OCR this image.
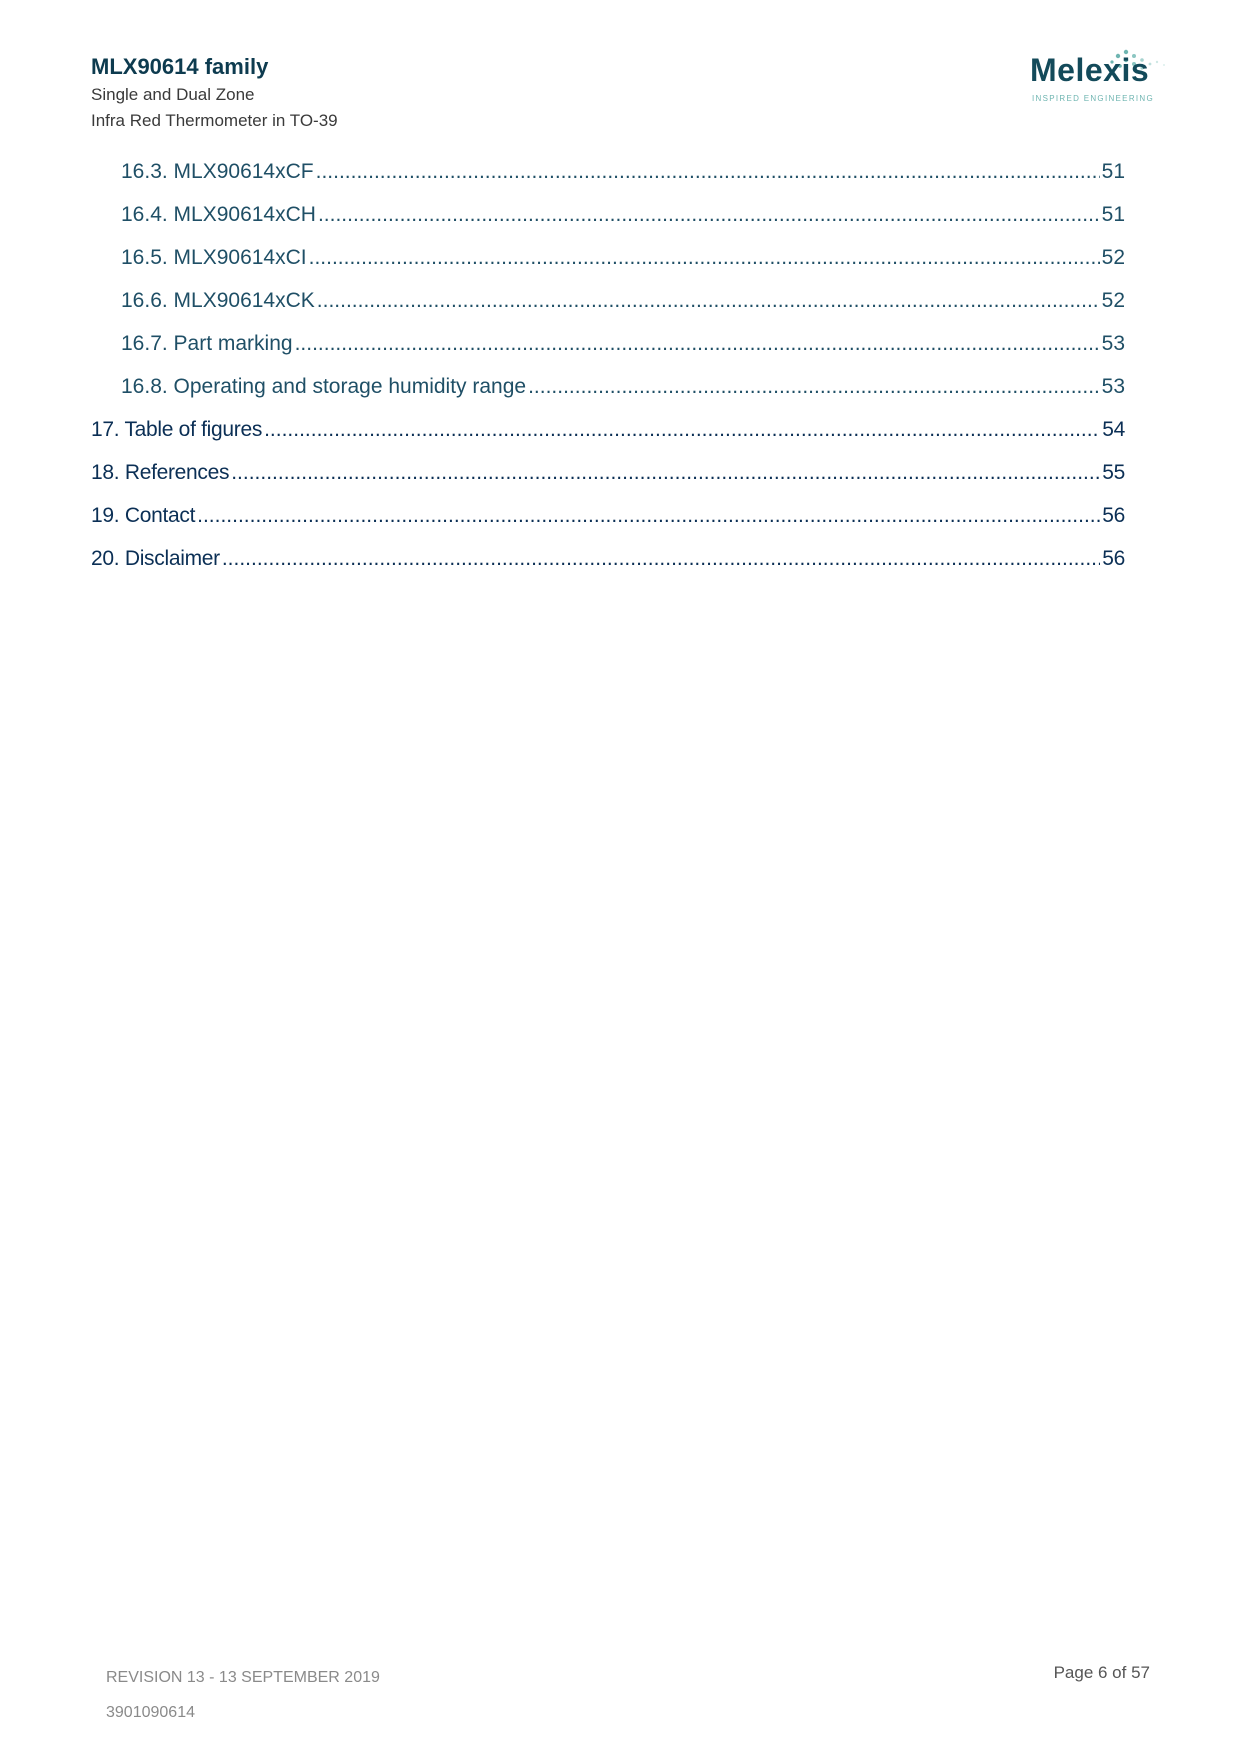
MLX90614 family
Single and Dual Zone
Infra Red Thermometer in TO-39
Melexis
INSPIRED ENGINEERING
16.3. MLX90614xCF .....	51
16.4. MLX90614xCH .....	51
16.5. MLX90614xCI .....	52
16.6. MLX90614xCK .....	52
16.7. Part marking .....	53
16.8. Operating and storage humidity range .....	53
17. Table of figures .....	54
18. References .....	55
19. Contact .....	56
20. Disclaimer .....	56
REVISION 13 - 13 SEPTEMBER 2019
3901090614
Page 6 of 57
